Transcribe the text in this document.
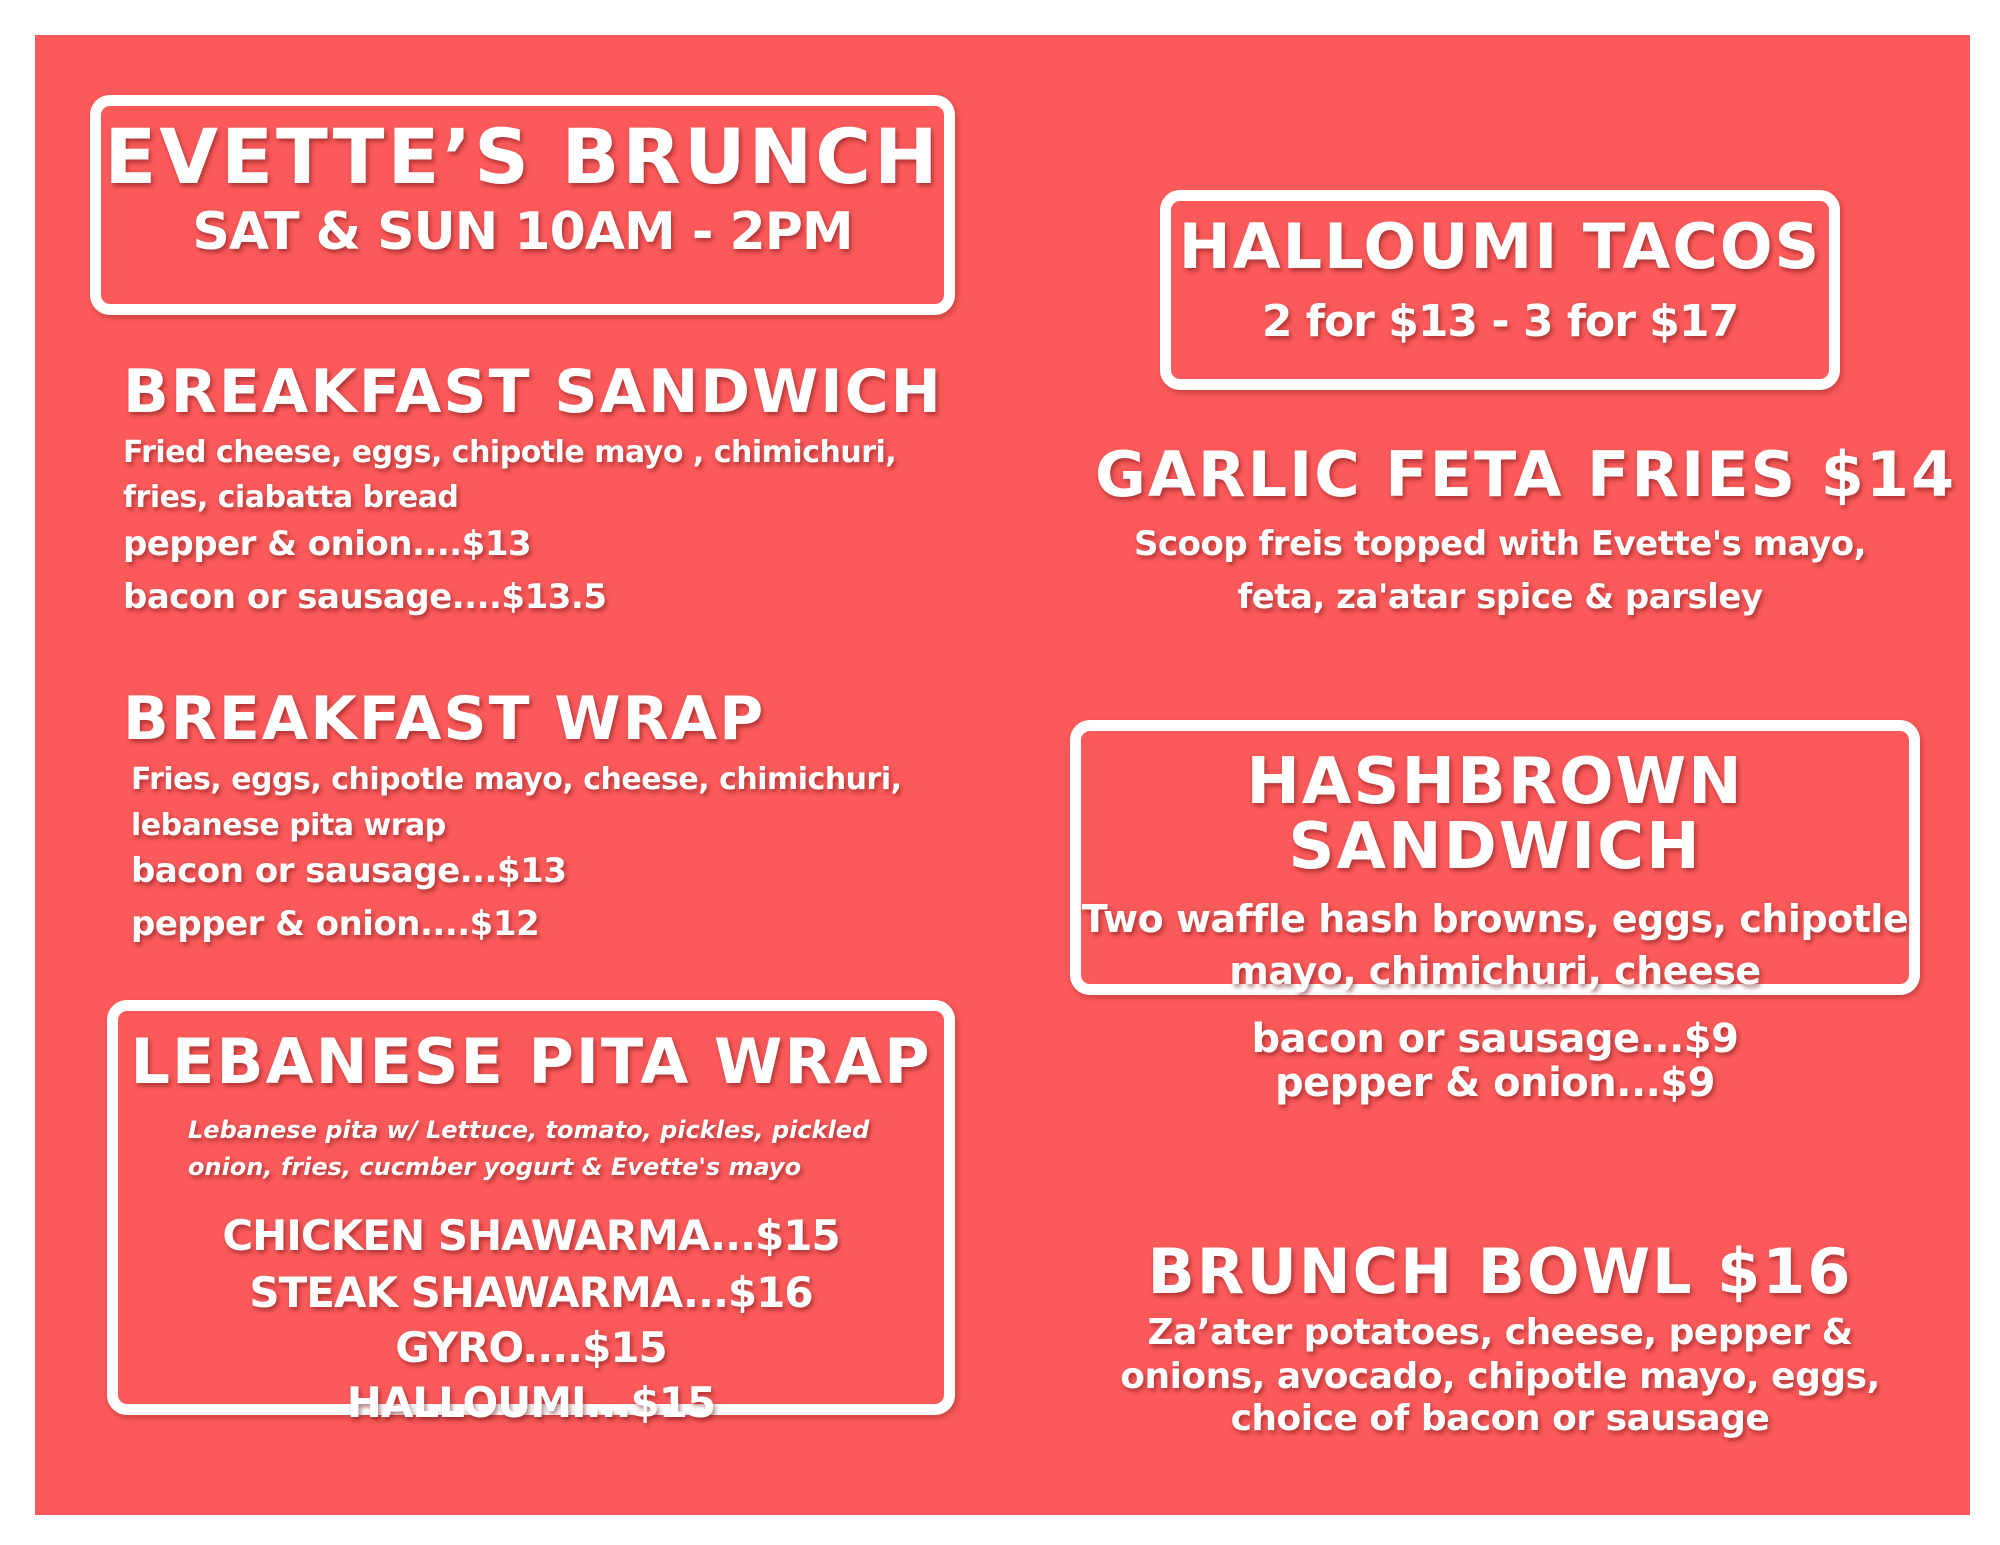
EVETTE’S BRUNCH
SAT & SUN 10AM - 2PM
BREAKFAST SANDWICH
Fried cheese, eggs, chipotle mayo , chimichuri,
fries, ciabatta bread
pepper & onion....$13
bacon or sausage....$13.5
BREAKFAST WRAP
Fries, eggs, chipotle mayo, cheese, chimichuri,
lebanese pita wrap
bacon or sausage...$13
pepper & onion....$12
LEBANESE PITA WRAP
Lebanese pita w/ Lettuce, tomato, pickles, pickled
onion, fries, cucmber yogurt & Evette's mayo
CHICKEN SHAWARMA...$15
STEAK SHAWARMA...$16
GYRO....$15
HALLOUMI...$15
HALLOUMI TACOS
2 for $13 - 3 for $17
GARLIC FETA FRIES $14
Scoop freis topped with Evette's mayo,
feta, za'atar spice & parsley
HASHBROWN
SANDWICH
Two waffle hash browns, eggs, chipotle
mayo, chimichuri, cheese
bacon or sausage...$9
pepper & onion...$9
BRUNCH BOWL $16
Za’ater potatoes, cheese, pepper &
onions, avocado, chipotle mayo, eggs,
choice of bacon or sausage
